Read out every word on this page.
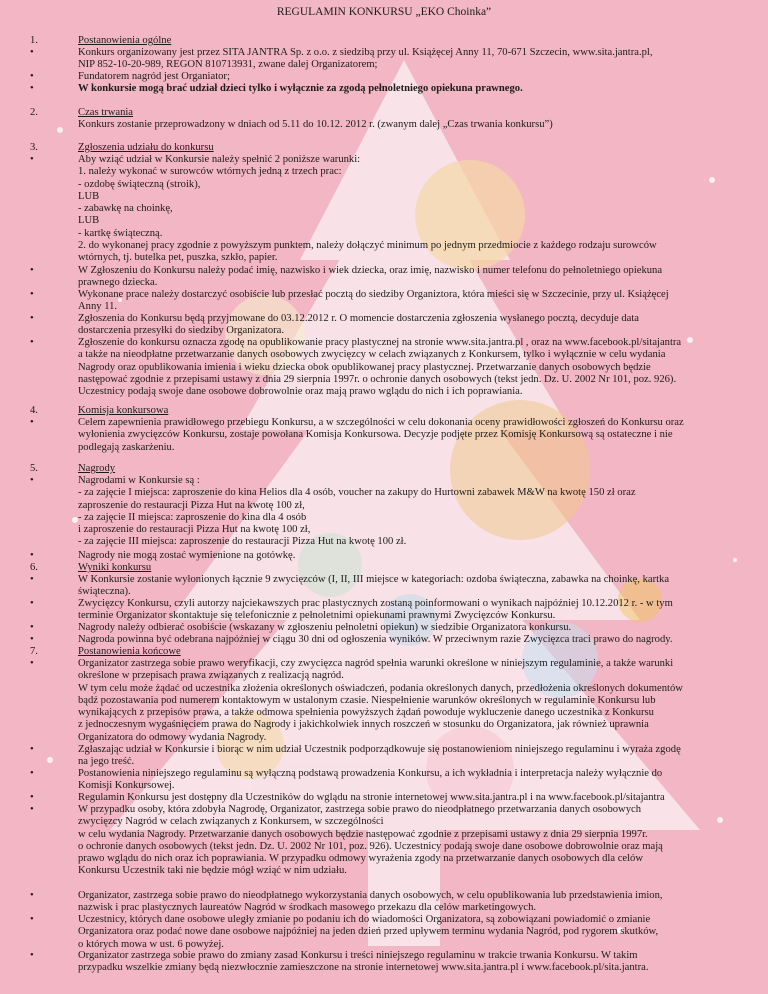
REGULAMIN KONKURSU „EKO Choinka”
1.	Postanowienia ogólne
•	Konkurs organizowany jest przez SITA JANTRA Sp. z o.o. z siedzibą przy ul. Książęcej Anny 11, 70-671 Szczecin, www.sita.jantra.pl,
NIP 852-10-20-989, REGON 810713931, zwane dalej Organizatorem;
•	Fundatorem nagród jest Organiator;
•	W konkursie mogą brać udział dzieci tylko i wyłącznie za zgodą pełnoletniego opiekuna prawnego.
2.	Czas trwania
Konkurs zostanie przeprowadzony w dniach od 5.11 do 10.12. 2012 r. (zwanym dalej „Czas trwania konkursu”)
3.	Zgłoszenia udziału do konkursu
•	Aby wziąć udział w Konkursie należy spełnić 2 poniższe warunki:
1. należy wykonać w surowców wtórnych jedną z trzech prac:
- ozdobę świąteczną (stroik),
LUB
- zabawkę na choinkę,
LUB
- kartkę świąteczną.
2. do wykonanej pracy zgodnie z powyższym punktem, należy dołączyć minimum po jednym przedmiocie z każdego rodzaju surowców
wtórnych, tj. butelka pet, puszka, szkło, papier.
•	W Zgłoszeniu do Konkursu należy podać imię, nazwisko i wiek dziecka, oraz imię, nazwisko i numer telefonu do pełnoletniego opiekuna
prawnego dziecka.
•	Wykonane prace należy dostarczyć osobiście lub przesłać pocztą do siedziby Organiztora, która mieści się w Szczecinie, przy ul. Książęcej
Anny 11.
•	Zgłoszenia do Konkursu będą przyjmowane do 03.12.2012 r. O momencie dostarczenia zgłoszenia wysłanego pocztą, decyduje data
dostarczenia przesyłki do siedziby Organizatora.
•	Zgłoszenie do konkursu oznacza zgodę na opublikowanie pracy plastycznej na stronie www.sita.jantra.pl , oraz na www.facebook.pl/sitajantra
a także na nieodpłatne przetwarzanie danych osobowych zwycięzcy w celach związanych z Konkursem, tylko i wyłącznie w celu wydania
Nagrody oraz opublikowania imienia i wieku dziecka obok opublikowanej pracy plastycznej. Przetwarzanie danych osobowych będzie
następować zgodnie z przepisami ustawy z dnia 29 sierpnia 1997r. o ochronie danych osobowych (tekst jedn. Dz. U. 2002 Nr 101, poz. 926).
Uczestnicy podają swoje dane osobowe dobrowolnie oraz mają prawo wglądu do nich i ich poprawiania.
4.	Komisja konkursowa
•	Celem zapewnienia prawidłowego przebiegu Konkursu, a w szczególności w celu dokonania oceny prawidłowości zgłoszeń do Konkursu oraz
wyłonienia zwycięzców Konkursu, zostaje powołana Komisja Konkursowa. Decyzje podjęte przez Komisję Konkursową są ostateczne i nie
podlegają zaskarżeniu.
5.	Nagrody
•	Nagrodami w Konkursie są :
- za zajęcie I miejsca: zaproszenie do kina Helios dla 4 osób, voucher na zakupy do Hurtowni zabawek M&W na kwotę 150 zł oraz
zaproszenie do restauracji Pizza Hut na kwotę 100 zł,
- za zajęcie II miejsca: zaproszenie do kina dla 4 osób
i zaproszenie do restauracji Pizza Hut na kwotę 100 zł,
- za zajęcie III miejsca: zaproszenie do restauracji Pizza Hut na kwotę 100 zł.
•	Nagrody nie mogą zostać wymienione na gotówkę.
6.	Wyniki konkursu
•	W Konkursie zostanie wyłonionych łącznie 9 zwycięzców (I, II, III miejsce w kategoriach: ozdoba świąteczna, zabawka na choinkę, kartka
świąteczna).
•	Zwycięzcy Konkursu, czyli autorzy najciekawszych prac plastycznych zostaną poinformowani o wynikach najpóźniej 10.12.2012 r. - w tym
terminie Organizator skontaktuje się telefonicznie z pełnoletnimi opiekunami prawnymi Zwycięzców Konkursu.
•	Nagrody należy odbierać osobiście (wskazany w zgłoszeniu pełnoletni opiekun) w siedzibie Organizatora konkursu.
•	Nagroda powinna być odebrana najpóźniej w ciągu 30 dni od ogłoszenia wyników. W przeciwnym razie Zwycięzca traci prawo do nagrody.
7.	Postanowienia końcowe
•	Organizator zastrzega sobie prawo weryfikacji, czy zwycięzca nagród spełnia warunki określone w niniejszym regulaminie, a także warunki
określone w przepisach prawa związanych z realizacją nagród.
W tym celu może żądać od uczestnika złożenia określonych oświadczeń, podania określonych danych, przedłożenia określonych dokumentów
bądź pozostawania pod numerem kontaktowym w ustalonym czasie. Niespełnienie warunków określonych w regulaminie Konkursu lub
wynikających z przepisów prawa, a także odmowa spełnienia powyższych żądań powoduje wykluczenie danego uczestnika z Konkursu
z jednoczesnym wygaśnięciem prawa do Nagrody i jakichkolwiek innych roszczeń w stosunku do Organizatora, jak również uprawnia
Organizatora do odmowy wydania Nagrody.
•	Zgłaszając udział w Konkursie i biorąc w nim udział Uczestnik podporządkowuje się postanowieniom niniejszego regulaminu i wyraża zgodę
na jego treść.
•	Postanowienia niniejszego regulaminu są wyłączną podstawą prowadzenia Konkursu, a ich wykładnia i interpretacja należy wyłącznie do
Komisji Konkursowej.
•	Regulamin Konkursu jest dostępny dla Uczestników do wglądu na stronie internetowej www.sita.jantra.pl i na www.facebook.pl/sitajantra
•	W przypadku osoby, która zdobyła Nagrodę, Organizator, zastrzega sobie prawo do nieodpłatnego przetwarzania danych osobowych
zwycięzcy Nagród w celach związanych z Konkursem, w szczególności
w celu wydania Nagrody. Przetwarzanie danych osobowych będzie następować zgodnie z przepisami ustawy z dnia 29 sierpnia 1997r.
o ochronie danych osobowych (tekst jedn. Dz. U. 2002 Nr 101, poz. 926). Uczestnicy podają swoje dane osobowe dobrowolnie oraz mają
prawo wglądu do nich oraz ich poprawiania. W przypadku odmowy wyrażenia zgody na przetwarzanie danych osobowych dla celów
Konkursu Uczestnik taki nie będzie mógł wziąć w nim udziału.
•	Organizator, zastrzega sobie prawo do nieodpłatnego wykorzystania danych osobowych, w celu opublikowania lub przedstawienia imion,
nazwisk i prac plastycznych laureatów Nagród w środkach masowego przekazu dla celów marketingowych.
•	Uczestnicy, których dane osobowe uległy zmianie po podaniu ich do wiadomości Organizatora, są zobowiązani powiadomić o zmianie
Organizatora oraz podać nowe dane osobowe najpóźniej na jeden dzień przed upływem terminu wydania Nagród, pod rygorem skutków,
o których mowa w ust. 6 powyżej.
•	Organizator zastrzega sobie prawo do zmiany zasad Konkursu i treści niniejszego regulaminu w trakcie trwania Konkursu. W takim
przypadku wszelkie zmiany będą niezwłocznie zamieszczone na stronie internetowej www.sita.jantra.pl i www.facebook.pl/sita.jantra.
